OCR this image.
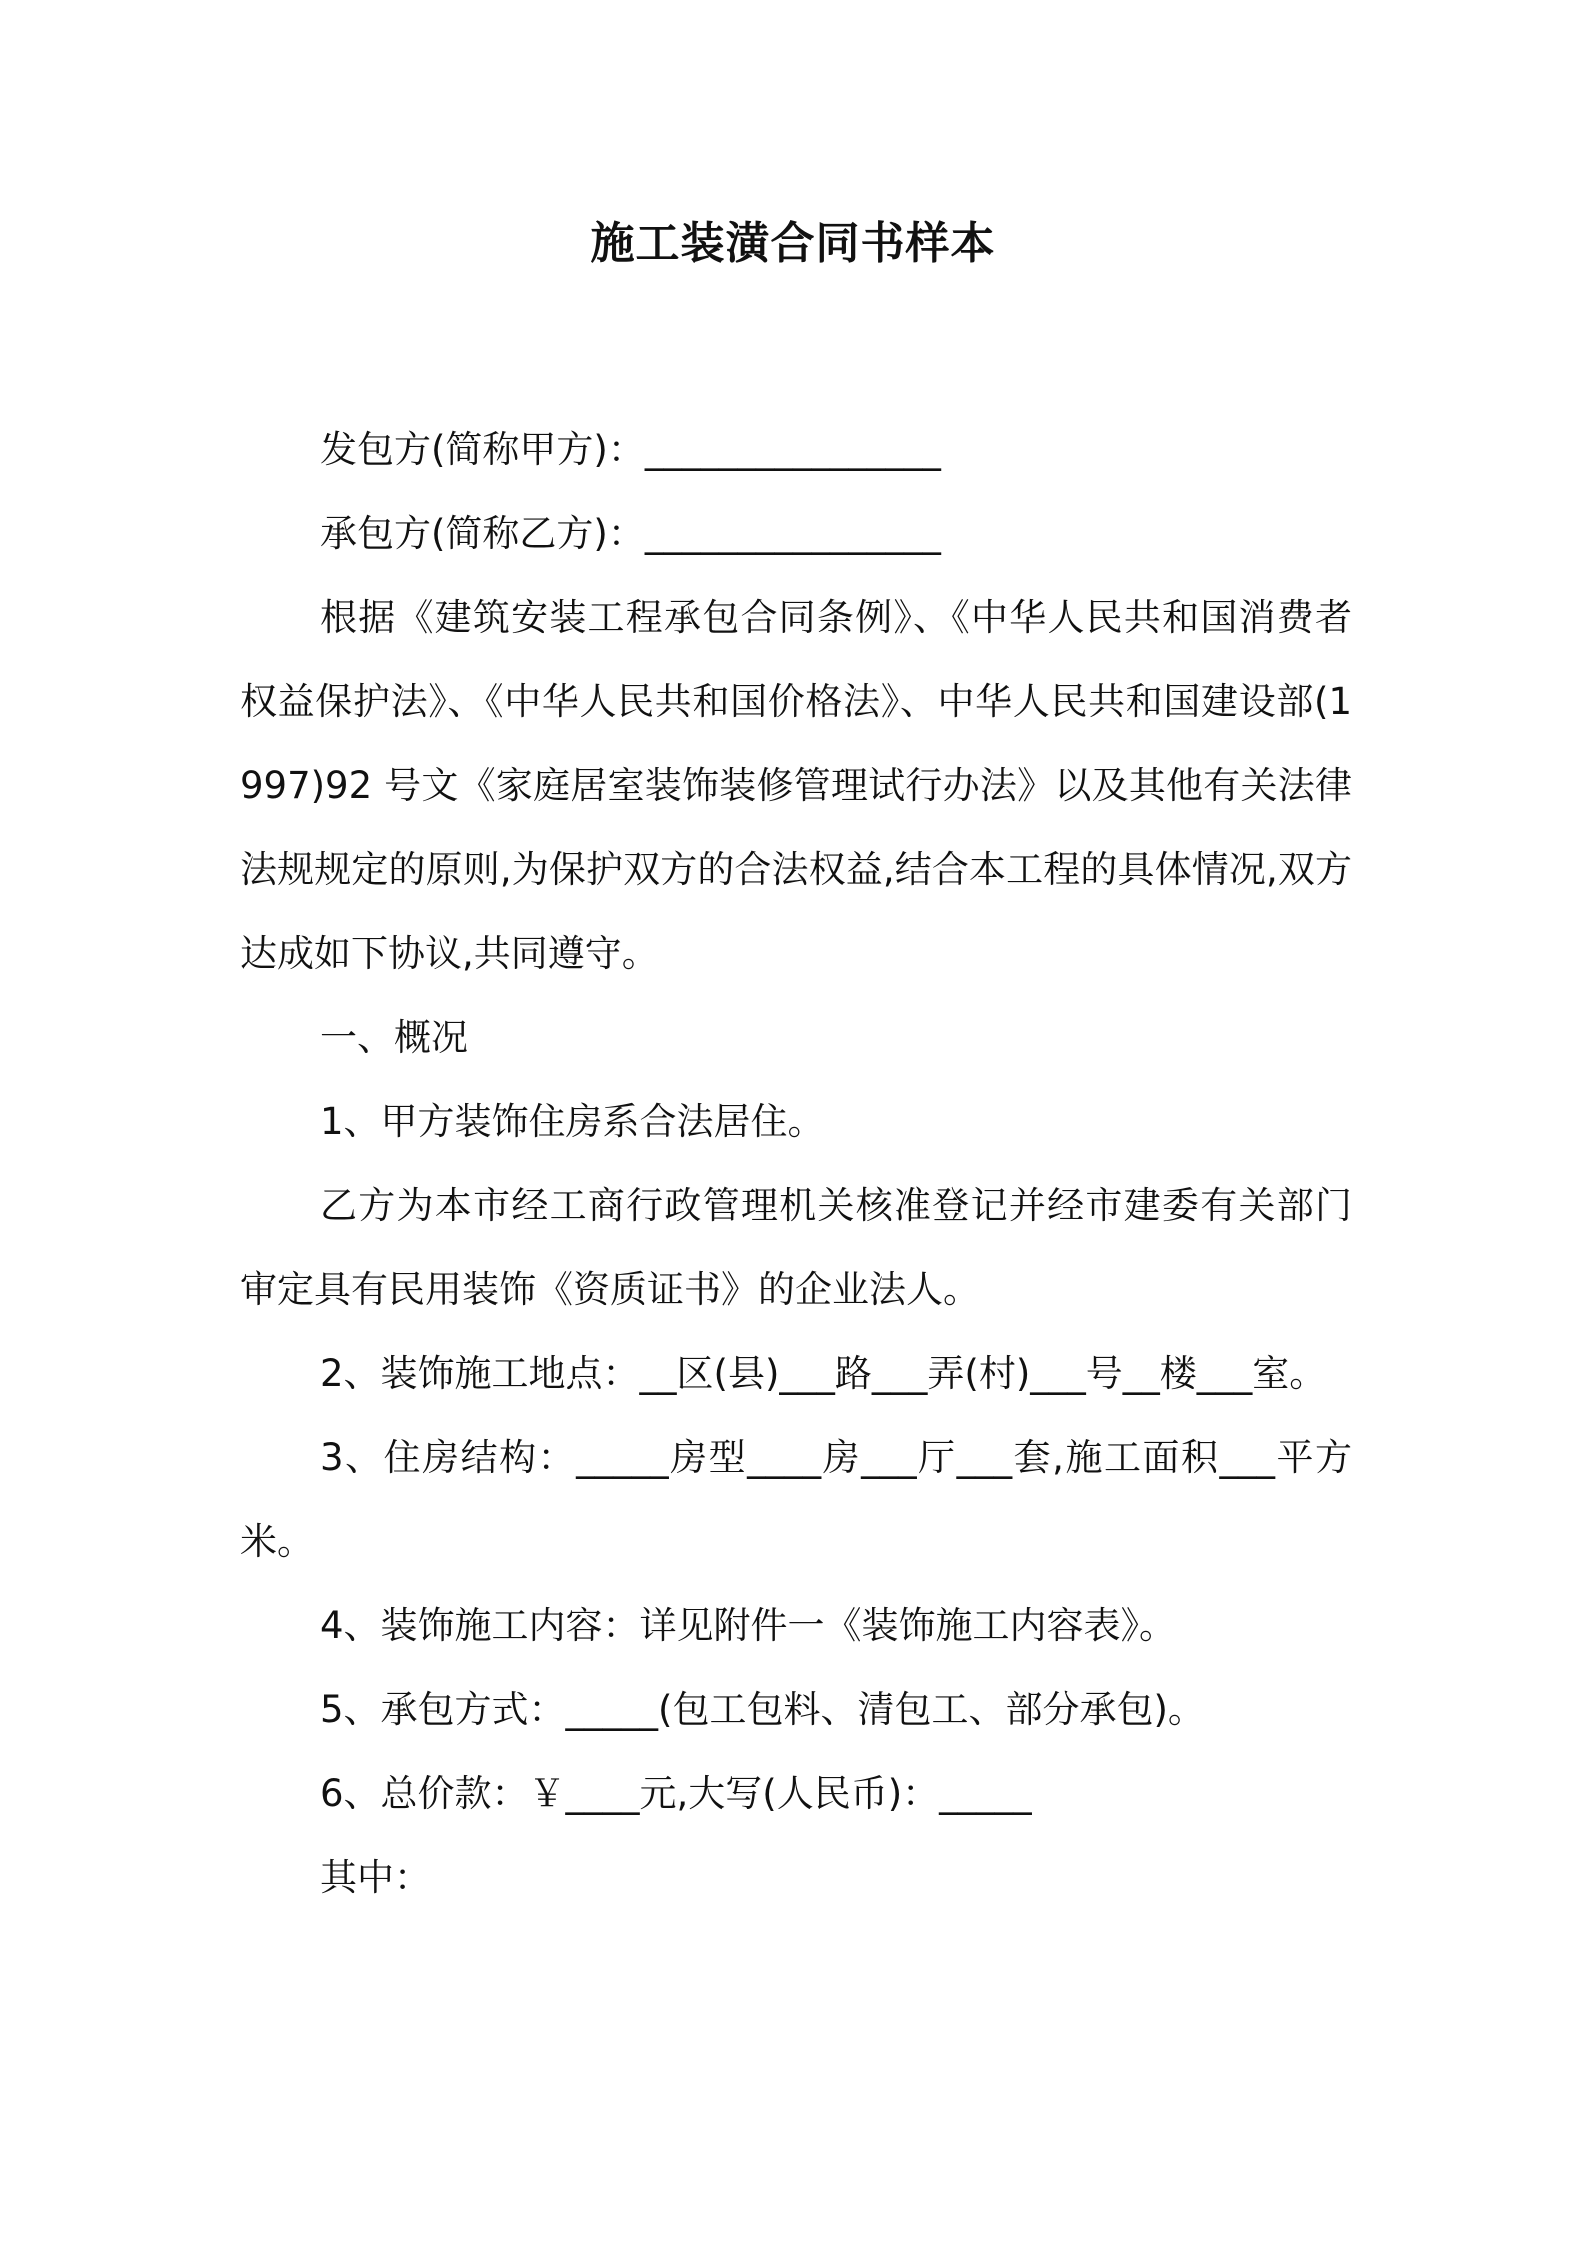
施工装潢合同书样本

发包方(简称甲方)：________________

承包方(简称乙方)：________________

根据《建筑安装工程承包合同条例》、《中华人民共和国消费者权益保护法》、《中华人民共和国价格法》、中华人民共和国建设部(1997)92 号文《家庭居室装饰装修管理试行办法》以及其他有关法律法规规定的原则,为保护双方的合法权益,结合本工程的具体情况,双方达成如下协议,共同遵守。

一、概况

1、甲方装饰住房系合法居住。

乙方为本市经工商行政管理机关核准登记并经市建委有关部门审定具有民用装饰《资质证书》的企业法人。

2、装饰施工地点：__区(县)___路___弄(村)___号__楼___室。

3、住房结构：_____房型____房___厅___套,施工面积___平方米。

4、装饰施工内容：详见附件一《装饰施工内容表》。

5、承包方式：_____(包工包料、清包工、部分承包)。

6、总价款：￥____元,大写(人民币)：_____

其中：
